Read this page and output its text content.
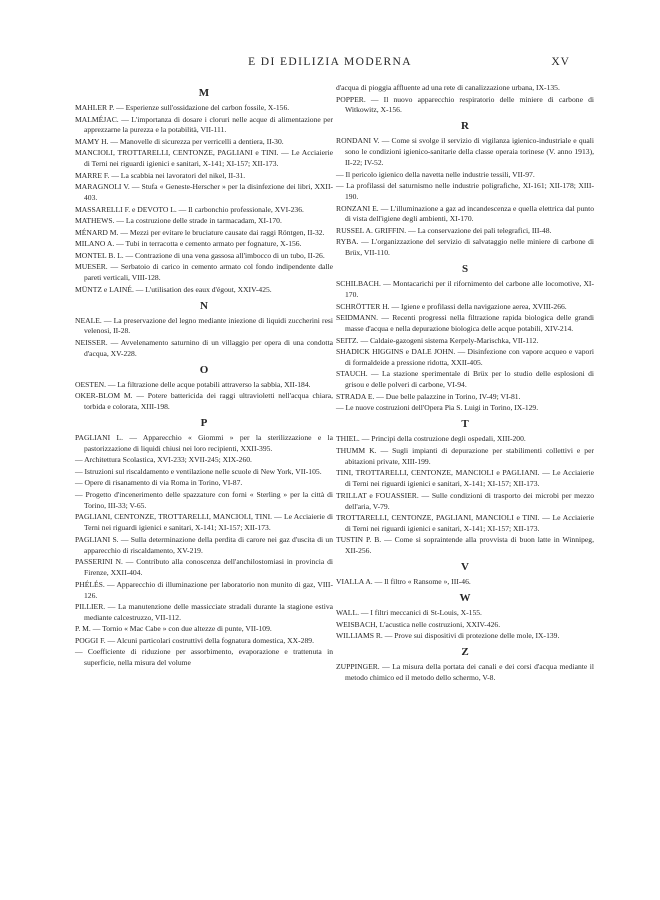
E DI EDILIZIA MODERNA	XV
M
MAHLER P. — Esperienze sull'ossidazione del carbon fossile, X-156.
MALMÉJAC. — L'importanza di dosare i cloruri nelle acque di alimentazione per apprezzarne la purezza e la potabilità, VII-111.
MAMY H. — Manovelle di sicurezza per verricelli a dentiera, II-30.
MANCIOLI, TROTTARELLI, CENTONZE, PAGLIANI e TINI. — Le Acciaierie di Terni nei riguardi igienici e sanitari, X-141; XI-157; XII-173.
MARRE F. — La scabbia nei lavoratori del nikel, II-31.
MARAGNOLI V. — Stufa « Geneste-Herscher » per la disinfezione dei libri, XXII-403.
MASSARELLI F. e DEVOTO L. — Il carbonchio professionale, XVI-236.
MATHEWS. — La costruzione delle strade in tarmacadam, XI-170.
MÉNARD M. — Mezzi per evitare le bruciature causate dai raggi Röntgen, II-32.
MILANO A. — Tubi in terracotta e cemento armato per fognature, X-156.
MONTEL B. L. — Contrazione di una vena gassosa all'imbocco di un tubo, II-26.
MUESER. — Serbatoio di carico in cemento armato col fondo indipendente dalle pareti verticali, VIII-128.
MÜNTZ e LAINÉ. — L'utilisation des eaux d'égout, XXIV-425.
N
NEALE. — La preservazione del legno mediante iniezione di liquidi zuccherini resi velenosi, II-28.
NEISSER. — Avvelenamento saturnino di un villaggio per opera di una condotta d'acqua, XV-228.
O
OESTEN. — La filtrazione delle acque potabili attraverso la sabbia, XII-184.
OKER-BLOM M. — Potere battericida dei raggi ultravioletti nell'acqua chiara, torbida e colorata, XIII-198.
P
PAGLIANI L. — Apparecchio « Giommi » per la sterilizzazione e la pastorizzazione di liquidi chiusi nei loro recipienti, XXII-395.
— Architettura Scolastica, XVI-233; XVII-245; XIX-260.
— Istruzioni sul riscaldamento e ventilazione nelle scuole di New York, VII-105.
— Opere di risanamento di via Roma in Torino, VI-87.
— Progetto d'incenerimento delle spazzature con forni « Sterling » per la città di Torino, III-33; V-65.
PAGLIANI, CENTONZE, TROTTARELLI, MANCIOLI, TINI. — Le Acciaierie di Terni nei riguardi igienici e sanitari, X-141; XI-157; XII-173.
PAGLIANI S. — Sulla determinazione della perdita di carore nei gaz d'uscita di un apparecchio di riscaldamento, XV-219.
PASSERINI N. — Contributo alla conoscenza dell'anchilostomiasi in provincia di Firenze, XXII-404.
PHÉLÉS. — Apparecchio di illuminazione per laboratorio non munito di gaz, VIII-126.
PILLIER. — La manutenzione delle massicciate stradali durante la stagione estiva mediante calcestruzzo, VII-112.
P. M. — Tornio « Mac Cabe » con due altezze di punte, VII-109.
POGGI F. — Alcuni particolari costruttivi della fognatura domestica, XX-289.
— Coefficiente di riduzione per assorbimento, evaporazione e trattenuta in superficie, nella misura del volume
d'acqua di pioggia affluente ad una rete di canalizzazione urbana, IX-135.
POPPER. — Il nuovo apparecchio respiratorio delle miniere di carbone di Witkowitz, X-156.
R
RONDANI V. — Come si svolge il servizio di vigilanza igienico-industriale e quali sono le condizioni igienico-sanitarie della classe operaia torinese (V. anno 1913), II-22; IV-52.
— Il pericolo igienico della navetta nelle industrie tessili, VII-97.
— La profilassi del saturnismo nelle industrie poligrafiche, XI-161; XII-178; XIII-190.
RONZANI E. — L'illuminazione a gaz ad incandescenza e quella elettrica dal punto di vista dell'igiene degli ambienti, XI-170.
RUSSEL A. GRIFFIN. — La conservazione dei pali telegrafici, III-48.
RYBA. — L'organizzazione del servizio di salvataggio nelle miniere di carbone di Brüx, VII-110.
S
SCHILBACH. — Montacarichi per il rifornimento del carbone alle locomotive, XI-170.
SCHRÖTTER H. — Igiene e profilassi della navigazione aerea, XVIII-266.
SEIDMANN. — Recenti progressi nella filtrazione rapida biologica delle grandi masse d'acqua e nella depurazione biologica delle acque potabili, XIV-214.
SEITZ. — Caldaie-gazogeni sistema Kerpely-Marischka, VII-112.
SHADICK HIGGINS e DALE JOHN. — Disinfezione con vapore acqueo e vapori di formaldeide a pressione ridotta, XXII-405.
STAUCH. — La stazione sperimentale di Brüx per lo studio delle esplosioni di grisou e delle polveri di carbone, VI-94.
STRADA E. — Due belle palazzine in Torino, IV-49; VI-81.
— Le nuove costruzioni dell'Opera Pia S. Luigi in Torino, IX-129.
T
THIEL. — Principi della costruzione degli ospedali, XIII-200.
THUMM K. — Sugli impianti di depurazione per stabilimenti collettivi e per abitazioni private, XIII-199.
TINI, TROTTARELLI, CENTONZE, MANCIOLI e PAGLIANI. — Le Acciaierie di Terni nei riguardi igienici e sanitari, X-141; XI-157; XII-173.
TRILLAT e FOUASSIER. — Sulle condizioni di trasporto dei microbi per mezzo dell'aria, V-79.
TROTTARELLI, CENTONZE, PAGLIANI, MANCIOLI e TINI. — Le Acciaierie di Terni nei riguardi igienici e sanitari, X-141; XI-157; XII-173.
TUSTIN P. B. — Come si sopraintende alla provvista di buon latte in Winnipeg, XII-256.
V
VIALLA A. — Il filtro « Ransome », III-46.
W
WALL. — I filtri meccanici di St-Louis, X-155.
WEISBACH, L'acustica nelle costruzioni, XXIV-426.
WILLIAMS R. — Prove sui dispositivi di protezione delle mole, IX-139.
Z
ZUPPINGER. — La misura della portata dei canali e dei corsi d'acqua mediante il metodo chimico ed il metodo dello schermo, V-8.
